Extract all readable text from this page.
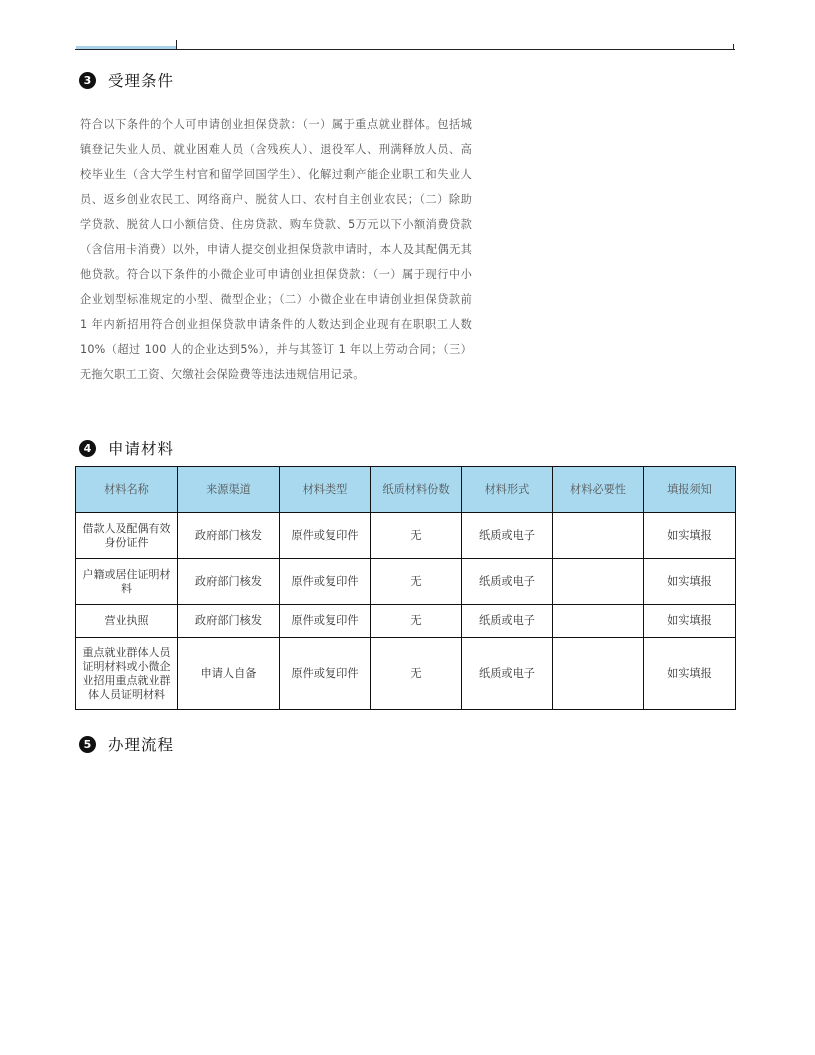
3	受理条件
符合以下条件的个人可申请创业担保贷款：（一）属于重点就业群体。包括城镇登记失业人员、就业困难人员（含残疾人）、退役军人、刑满释放人员、高校毕业生（含大学生村官和留学回国学生）、化解过剩产能企业职工和失业人员、返乡创业农民工、网络商户、脱贫人口、农村自主创业农民；（二）除助学贷款、脱贫人口小额信贷、住房贷款、购车贷款、5万元以下小额消费贷款（含信用卡消费）以外，申请人提交创业担保贷款申请时，本人及其配偶无其他贷款。符合以下条件的小微企业可申请创业担保贷款：（一）属于现行中小企业划型标准规定的小型、微型企业；（二）小微企业在申请创业担保贷款前 1 年内新招用符合创业担保贷款申请条件的人数达到企业现有在职职工人数 10%（超过 100 人的企业达到5%），并与其签订 1 年以上劳动合同；（三）无拖欠职工工资、欠缴社会保险费等违法违规信用记录。
4	申请材料
材料名称	来源渠道	材料类型	纸质材料份数	材料形式	材料必要性	填报须知
借款人及配偶有效身份证件	政府部门核发	原件或复印件	无	纸质或电子		如实填报
户籍或居住证明材料	政府部门核发	原件或复印件	无	纸质或电子		如实填报
营业执照	政府部门核发	原件或复印件	无	纸质或电子		如实填报
重点就业群体人员证明材料或小微企业招用重点就业群体人员证明材料	申请人自备	原件或复印件	无	纸质或电子		如实填报
5	办理流程
